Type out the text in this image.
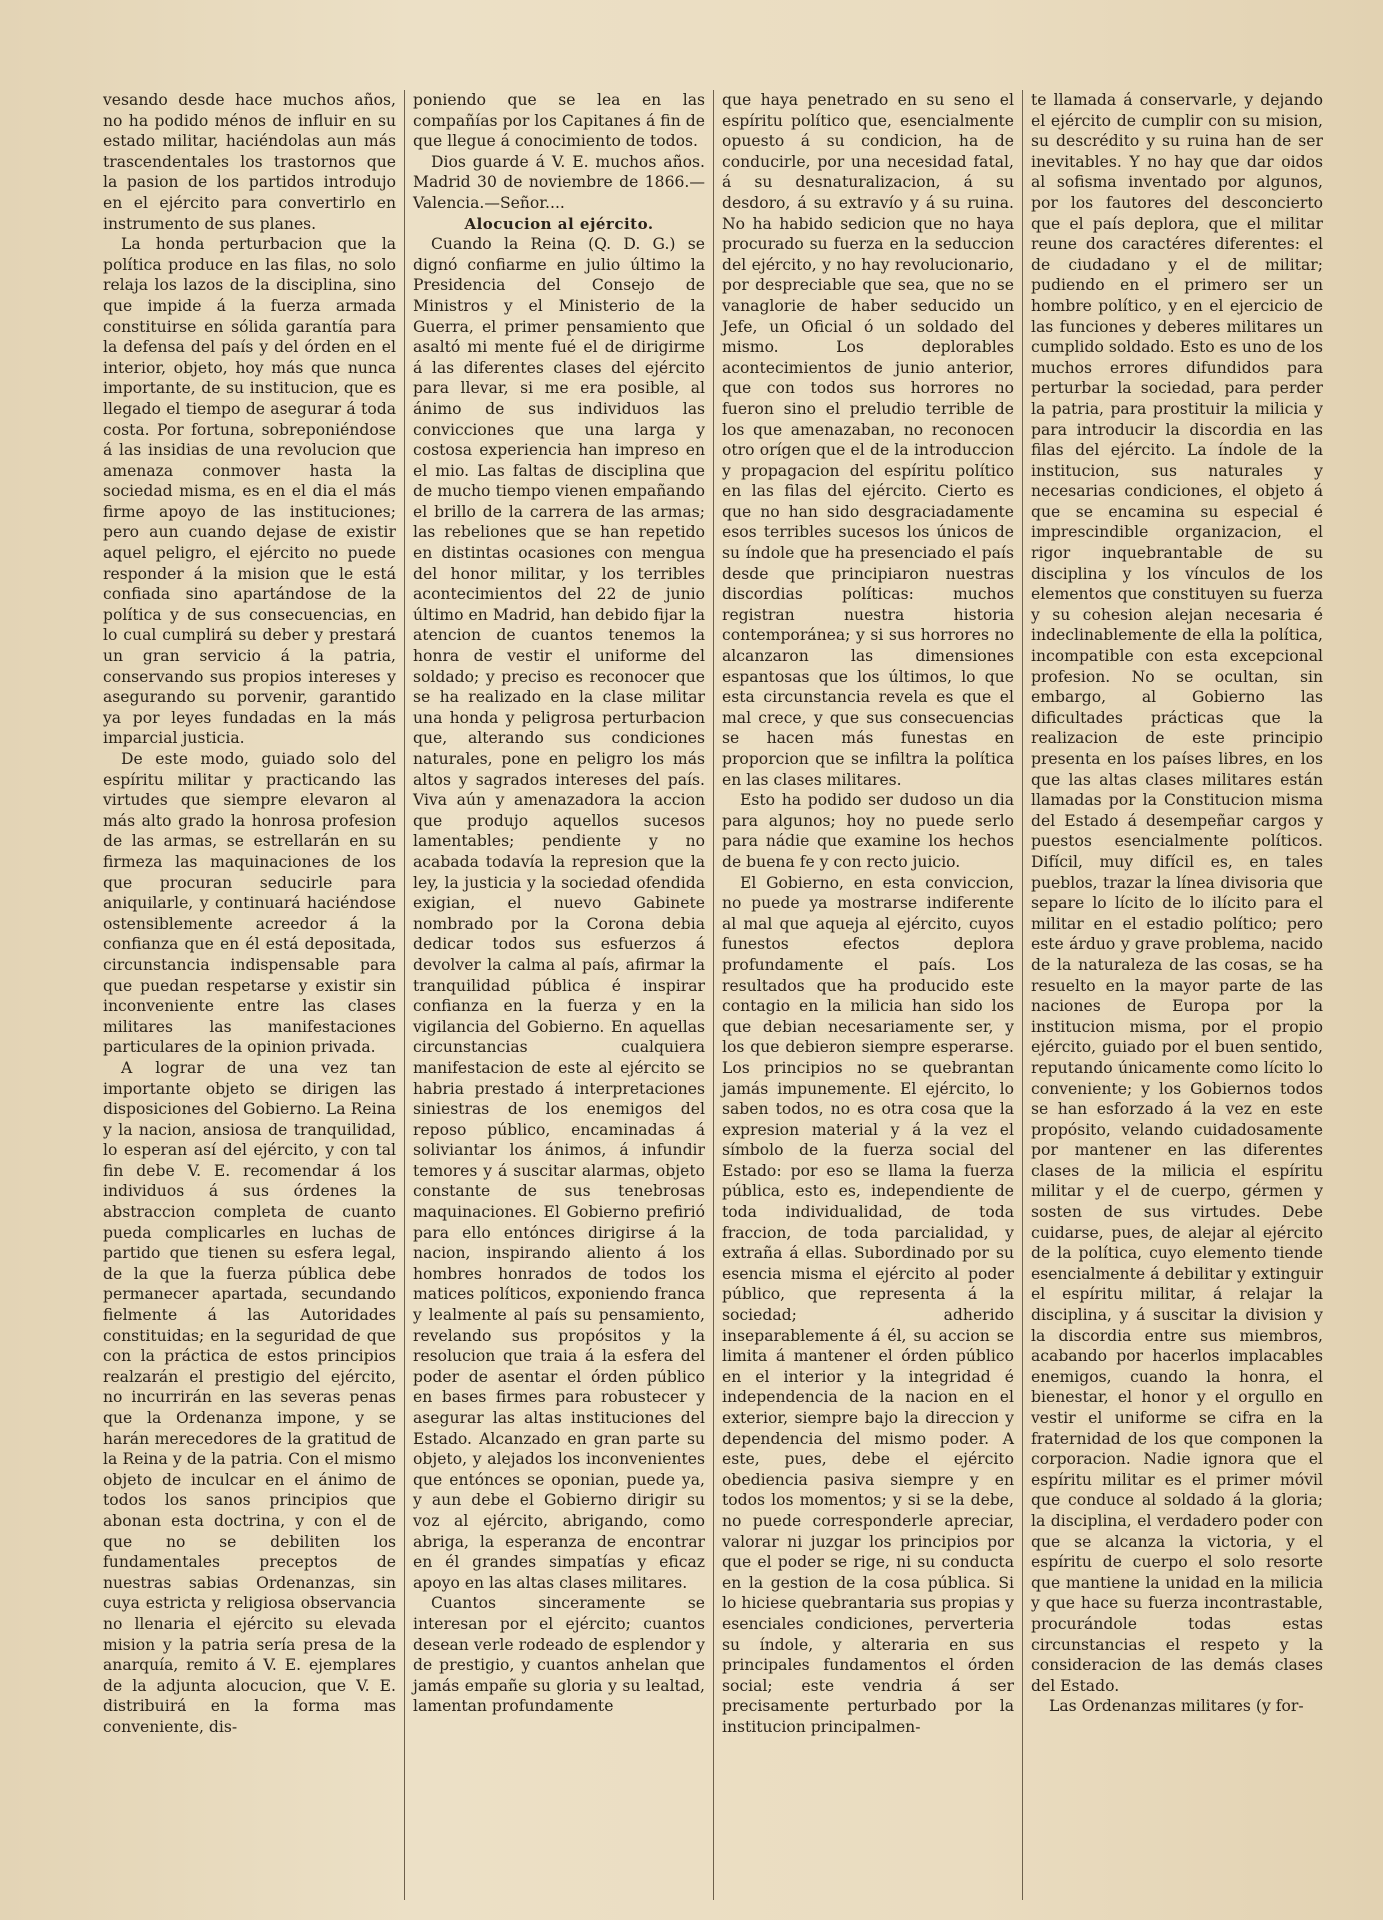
vesando desde hace muchos años, no ha podido ménos de influir en su estado militar, haciéndolas aun más trascendentales los trastornos que la pasion de los partidos introdujo en el ejército para convertirlo en instrumento de sus planes.

La honda perturbacion que la política produce en las filas, no solo relaja los lazos de la disciplina, sino que impide á la fuerza armada constituirse en sólida garantía para la defensa del país y del órden en el interior, objeto, hoy más que nunca importante, de su institucion, que es llegado el tiempo de asegurar á toda costa. Por fortuna, sobreponiéndose á las insidias de una revolucion que amenaza conmover hasta la sociedad misma, es en el dia el más firme apoyo de las instituciones; pero aun cuando dejase de existir aquel peligro, el ejército no puede responder á la mision que le está confiada sino apartándose de la política y de sus consecuencias, en lo cual cumplirá su deber y prestará un gran servicio á la patria, conservando sus propios intereses y asegurando su porvenir, garantido ya por leyes fundadas en la más imparcial justicia.

De este modo, guiado solo del espíritu militar y practicando las virtudes que siempre elevaron al más alto grado la honrosa profesion de las armas, se estrellarán en su firmeza las maquinaciones de los que procuran seducirle para aniquilarle, y continuará haciéndose ostensiblemente acreedor á la confianza que en él está depositada, circunstancia indispensable para que puedan respetarse y existir sin inconveniente entre las clases militares las manifestaciones particulares de la opinion privada.

A lograr de una vez tan importante objeto se dirigen las disposiciones del Gobierno. La Reina y la nacion, ansiosa de tranquilidad, lo esperan así del ejército, y con tal fin debe V. E. recomendar á los individuos á sus órdenes la abstraccion completa de cuanto pueda complicarles en luchas de partido que tienen su esfera legal, de la que la fuerza pública debe permanecer apartada, secundando fielmente á las Autoridades constituidas; en la seguridad de que con la práctica de estos principios realzarán el prestigio del ejército, no incurrirán en las severas penas que la Ordenanza impone, y se harán merecedores de la gratitud de la Reina y de la patria. Con el mismo objeto de inculcar en el ánimo de todos los sanos principios que abonan esta doctrina, y con el de que no se debiliten los fundamentales preceptos de nuestras sabias Ordenanzas, sin cuya estricta y religiosa observancia no llenaria el ejército su elevada mision y la patria sería presa de la anarquía, remito á V. E. ejemplares de la adjunta alocucion, que V. E. distribuirá en la forma mas conveniente, dis-

poniendo que se lea en las compañías por los Capitanes á fin de que llegue á conocimiento de todos.

Dios guarde á V. E. muchos años. Madrid 30 de noviembre de 1866.—Valencia.—Señor....

Alocucion al ejército.

Cuando la Reina (Q. D. G.) se dignó confiarme en julio último la Presidencia del Consejo de Ministros y el Ministerio de la Guerra, el primer pensamiento que asaltó mi mente fué el de dirigirme á las diferentes clases del ejército para llevar, si me era posible, al ánimo de sus individuos las convicciones que una larga y costosa experiencia han impreso en el mio. Las faltas de disciplina que de mucho tiempo vienen empañando el brillo de la carrera de las armas; las rebeliones que se han repetido en distintas ocasiones con mengua del honor militar, y los terribles acontecimientos del 22 de junio último en Madrid, han debido fijar la atencion de cuantos tenemos la honra de vestir el uniforme del soldado; y preciso es reconocer que se ha realizado en la clase militar una honda y peligrosa perturbacion que, alterando sus condiciones naturales, pone en peligro los más altos y sagrados intereses del país. Viva aún y amenazadora la accion que produjo aquellos sucesos lamentables; pendiente y no acabada todavía la represion que la ley, la justicia y la sociedad ofendida exigian, el nuevo Gabinete nombrado por la Corona debia dedicar todos sus esfuerzos á devolver la calma al país, afirmar la tranquilidad pública é inspirar confianza en la fuerza y en la vigilancia del Gobierno. En aquellas circunstancias cualquiera manifestacion de este al ejército se habria prestado á interpretaciones siniestras de los enemigos del reposo público, encaminadas á soliviantar los ánimos, á infundir temores y á suscitar alarmas, objeto constante de sus tenebrosas maquinaciones. El Gobierno prefirió para ello entónces dirigirse á la nacion, inspirando aliento á los hombres honrados de todos los matices políticos, exponiendo franca y lealmente al país su pensamiento, revelando sus propósitos y la resolucion que traia á la esfera del poder de asentar el órden público en bases firmes para robustecer y asegurar las altas instituciones del Estado. Alcanzado en gran parte su objeto, y alejados los inconvenientes que entónces se oponian, puede ya, y aun debe el Gobierno dirigir su voz al ejército, abrigando, como abriga, la esperanza de encontrar en él grandes simpatías y eficaz apoyo en las altas clases militares.

Cuantos sinceramente se interesan por el ejército; cuantos desean verle rodeado de esplendor y de prestigio, y cuantos anhelan que jamás empañe su gloria y su lealtad, lamentan profundamente

que haya penetrado en su seno el espíritu político que, esencialmente opuesto á su condicion, ha de conducirle, por una necesidad fatal, á su desnaturalizacion, á su desdoro, á su extravío y á su ruina. No ha habido sedicion que no haya procurado su fuerza en la seduccion del ejército, y no hay revolucionario, por despreciable que sea, que no se vanaglorie de haber seducido un Jefe, un Oficial ó un soldado del mismo. Los deplorables acontecimientos de junio anterior, que con todos sus horrores no fueron sino el preludio terrible de los que amenazaban, no reconocen otro orígen que el de la introduccion y propagacion del espíritu político en las filas del ejército. Cierto es que no han sido desgraciadamente esos terribles sucesos los únicos de su índole que ha presenciado el país desde que principiaron nuestras discordias políticas: muchos registran nuestra historia contemporánea; y si sus horrores no alcanzaron las dimensiones espantosas que los últimos, lo que esta circunstancia revela es que el mal crece, y que sus consecuencias se hacen más funestas en proporcion que se infiltra la política en las clases militares.

Esto ha podido ser dudoso un dia para algunos; hoy no puede serlo para nádie que examine los hechos de buena fe y con recto juicio.

El Gobierno, en esta conviccion, no puede ya mostrarse indiferente al mal que aqueja al ejército, cuyos funestos efectos deplora profundamente el país. Los resultados que ha producido este contagio en la milicia han sido los que debian necesariamente ser, y los que debieron siempre esperarse. Los principios no se quebrantan jamás impunemente. El ejército, lo saben todos, no es otra cosa que la expresion material y á la vez el símbolo de la fuerza social del Estado: por eso se llama la fuerza pública, esto es, independiente de toda individualidad, de toda fraccion, de toda parcialidad, y extraña á ellas. Subordinado por su esencia misma el ejército al poder público, que representa á la sociedad; adherido inseparablemente á él, su accion se limita á mantener el órden público en el interior y la integridad é independencia de la nacion en el exterior, siempre bajo la direccion y dependencia del mismo poder. A este, pues, debe el ejército obediencia pasiva siempre y en todos los momentos; y si se la debe, no puede corresponderle apreciar, valorar ni juzgar los principios por que el poder se rige, ni su conducta en la gestion de la cosa pública. Si lo hiciese quebrantaria sus propias y esenciales condiciones, perverteria su índole, y alteraria en sus principales fundamentos el órden social; este vendria á ser precisamente perturbado por la institucion principalmen-

te llamada á conservarle, y dejando el ejército de cumplir con su mision, su descrédito y su ruina han de ser inevitables. Y no hay que dar oidos al sofisma inventado por algunos, por los fautores del desconcierto que el país deplora, que el militar reune dos caractéres diferentes: el de ciudadano y el de militar; pudiendo en el primero ser un hombre político, y en el ejercicio de las funciones y deberes militares un cumplido soldado. Esto es uno de los muchos errores difundidos para perturbar la sociedad, para perder la patria, para prostituir la milicia y para introducir la discordia en las filas del ejército. La índole de la institucion, sus naturales y necesarias condiciones, el objeto á que se encamina su especial é imprescindible organizacion, el rigor inquebrantable de su disciplina y los vínculos de los elementos que constituyen su fuerza y su cohesion alejan necesaria é indeclinablemente de ella la política, incompatible con esta excepcional profesion. No se ocultan, sin embargo, al Gobierno las dificultades prácticas que la realizacion de este principio presenta en los países libres, en los que las altas clases militares están llamadas por la Constitucion misma del Estado á desempeñar cargos y puestos esencialmente políticos. Difícil, muy difícil es, en tales pueblos, trazar la línea divisoria que separe lo lícito de lo ilícito para el militar en el estadio político; pero este árduo y grave problema, nacido de la naturaleza de las cosas, se ha resuelto en la mayor parte de las naciones de Europa por la institucion misma, por el propio ejército, guiado por el buen sentido, reputando únicamente como lícito lo conveniente; y los Gobiernos todos se han esforzado á la vez en este propósito, velando cuidadosamente por mantener en las diferentes clases de la milicia el espíritu militar y el de cuerpo, gérmen y sosten de sus virtudes. Debe cuidarse, pues, de alejar al ejército de la política, cuyo elemento tiende esencialmente á debilitar y extinguir el espíritu militar, á relajar la disciplina, y á suscitar la division y la discordia entre sus miembros, acabando por hacerlos implacables enemigos, cuando la honra, el bienestar, el honor y el orgullo en vestir el uniforme se cifra en la fraternidad de los que componen la corporacion. Nadie ignora que el espíritu militar es el primer móvil que conduce al soldado á la gloria; la disciplina, el verdadero poder con que se alcanza la victoria, y el espíritu de cuerpo el solo resorte que mantiene la unidad en la milicia y que hace su fuerza incontrastable, procurándole todas estas circunstancias el respeto y la consideracion de las demás clases del Estado.

Las Ordenanzas militares (y for-
